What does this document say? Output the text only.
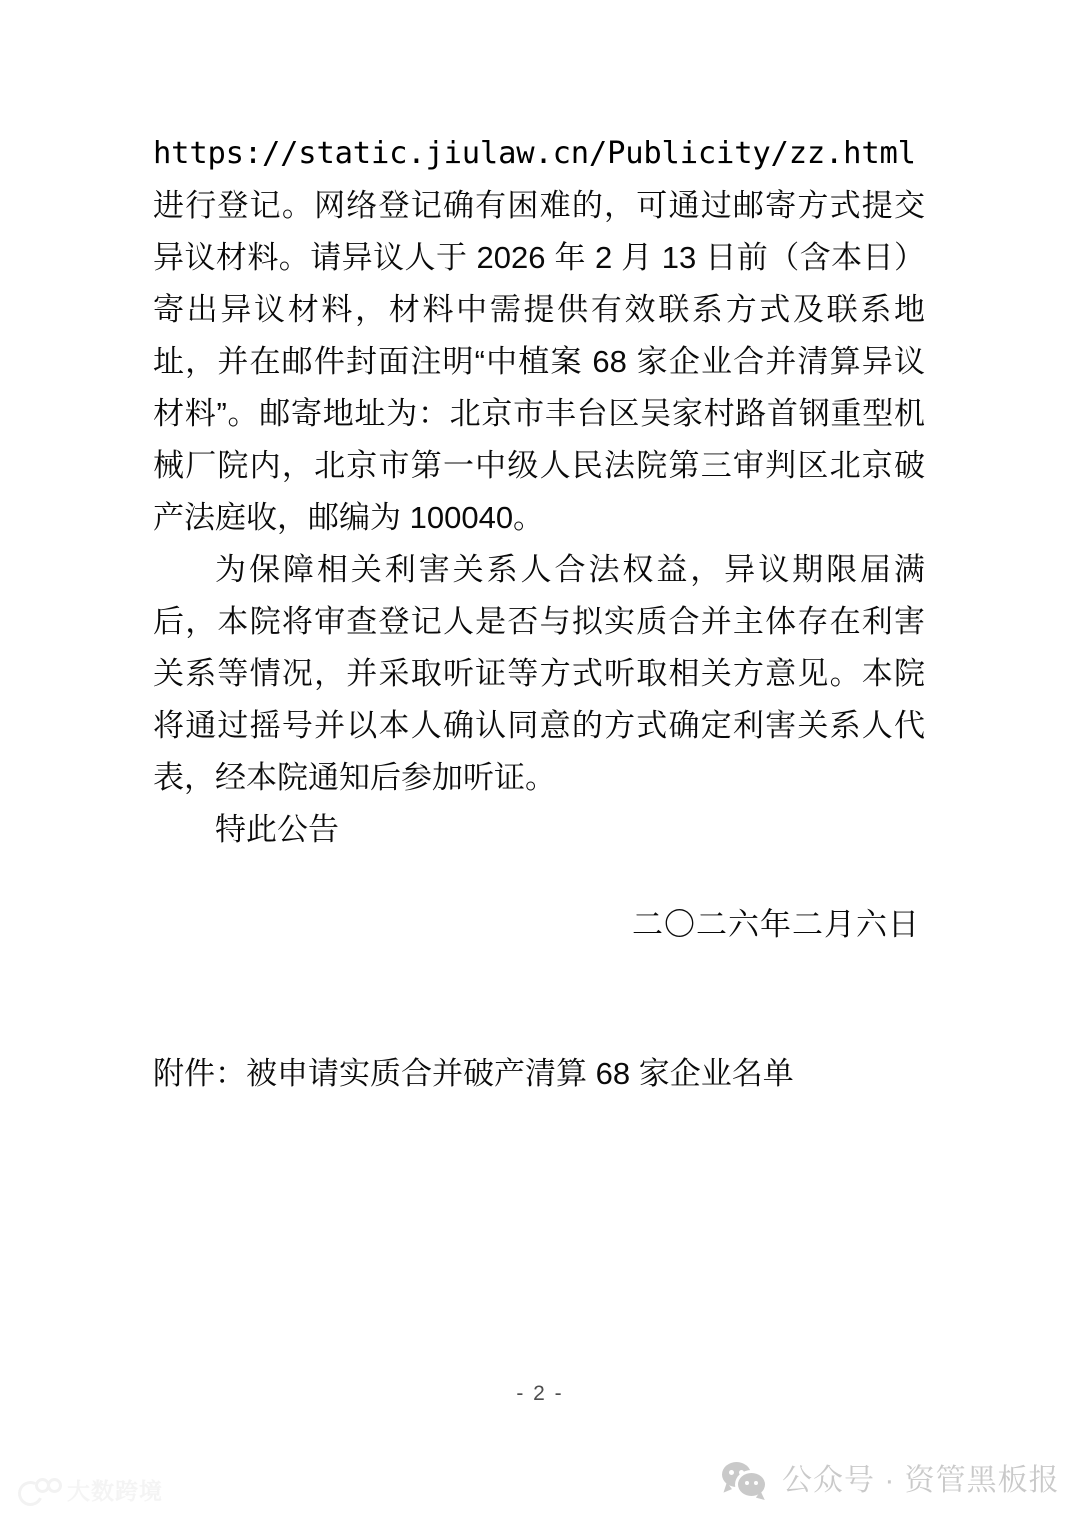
https://static.jiulaw.cn/Publicity/zz.html

进行登记。网络登记确有困难的，可通过邮寄方式提交异议材料。请异议人于 2026 年 2 月 13 日前（含本日）寄出异议材料，材料中需提供有效联系方式及联系地址，并在邮件封面注明“中植案 68 家企业合并清算异议材料”。邮寄地址为：北京市丰台区吴家村路首钢重型机械厂院内，北京市第一中级人民法院第三审判区北京破产法庭收，邮编为 100040。

为保障相关利害关系人合法权益，异议期限届满后，本院将审查登记人是否与拟实质合并主体存在利害关系等情况，并采取听证等方式听取相关方意见。本院将通过摇号并以本人确认同意的方式确定利害关系人代表，经本院通知后参加听证。

特此公告

二〇二六年二月六日
附件：被申请实质合并破产清算 68 家企业名单
- 2 -
大数跨境	公众号 · 资管黑板报
